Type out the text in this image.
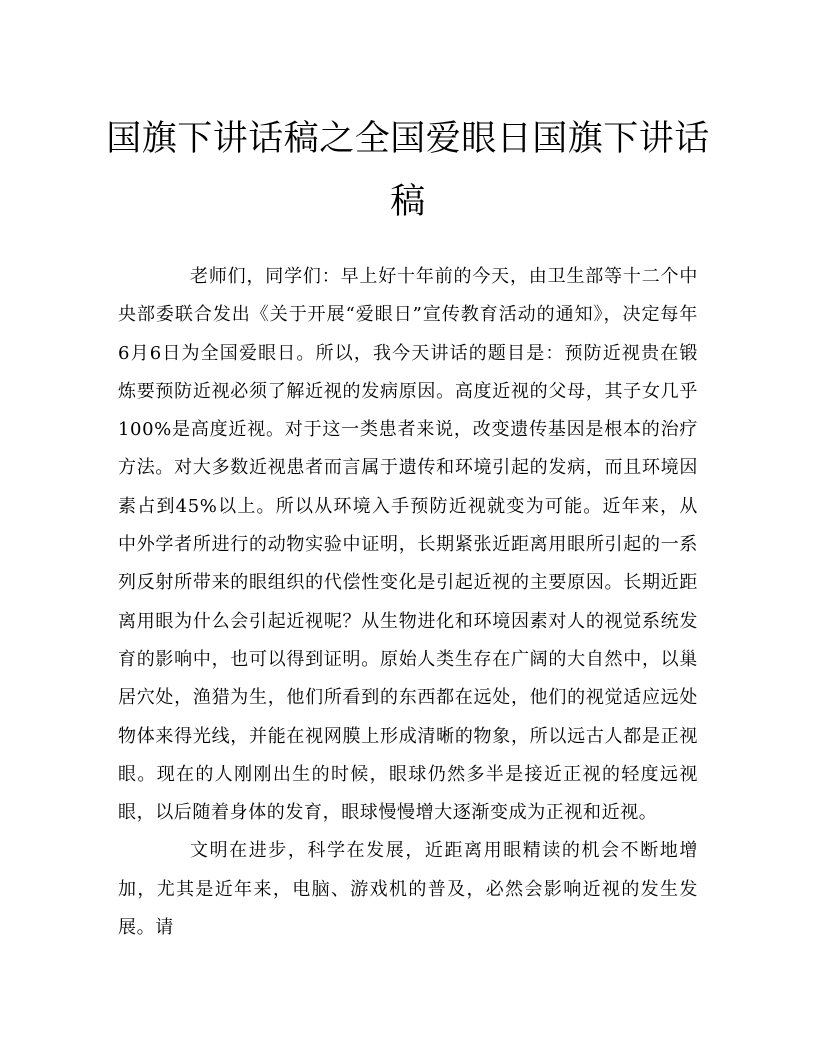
国旗下讲话稿之全国爱眼日国旗下讲话稿

老师们，同学们：早上好十年前的今天，由卫生部等十二个中央部委联合发出《关于开展“爱眼日”宣传教育活动的通知》，决定每年6月6日为全国爱眼日。所以，我今天讲话的题目是：预防近视贵在锻炼要预防近视必须了解近视的发病原因。高度近视的父母，其子女几乎100%是高度近视。对于这一类患者来说，改变遗传基因是根本的治疗方法。对大多数近视患者而言属于遗传和环境引起的发病，而且环境因素占到45%以上。所以从环境入手预防近视就变为可能。近年来，从中外学者所进行的动物实验中证明，长期紧张近距离用眼所引起的一系列反射所带来的眼组织的代偿性变化是引起近视的主要原因。长期近距离用眼为什么会引起近视呢？从生物进化和环境因素对人的视觉系统发育的影响中，也可以得到证明。原始人类生存在广阔的大自然中，以巢居穴处，渔猎为生，他们所看到的东西都在远处，他们的视觉适应远处物体来得光线，并能在视网膜上形成清晰的物象，所以远古人都是正视眼。现在的人刚刚出生的时候，眼球仍然多半是接近正视的轻度远视眼，以后随着身体的发育，眼球慢慢增大逐渐变成为正视和近视。

文明在进步，科学在发展，近距离用眼精读的机会不断地增加，尤其是近年来，电脑、游戏机的普及，必然会影响近视的发生发展。请
